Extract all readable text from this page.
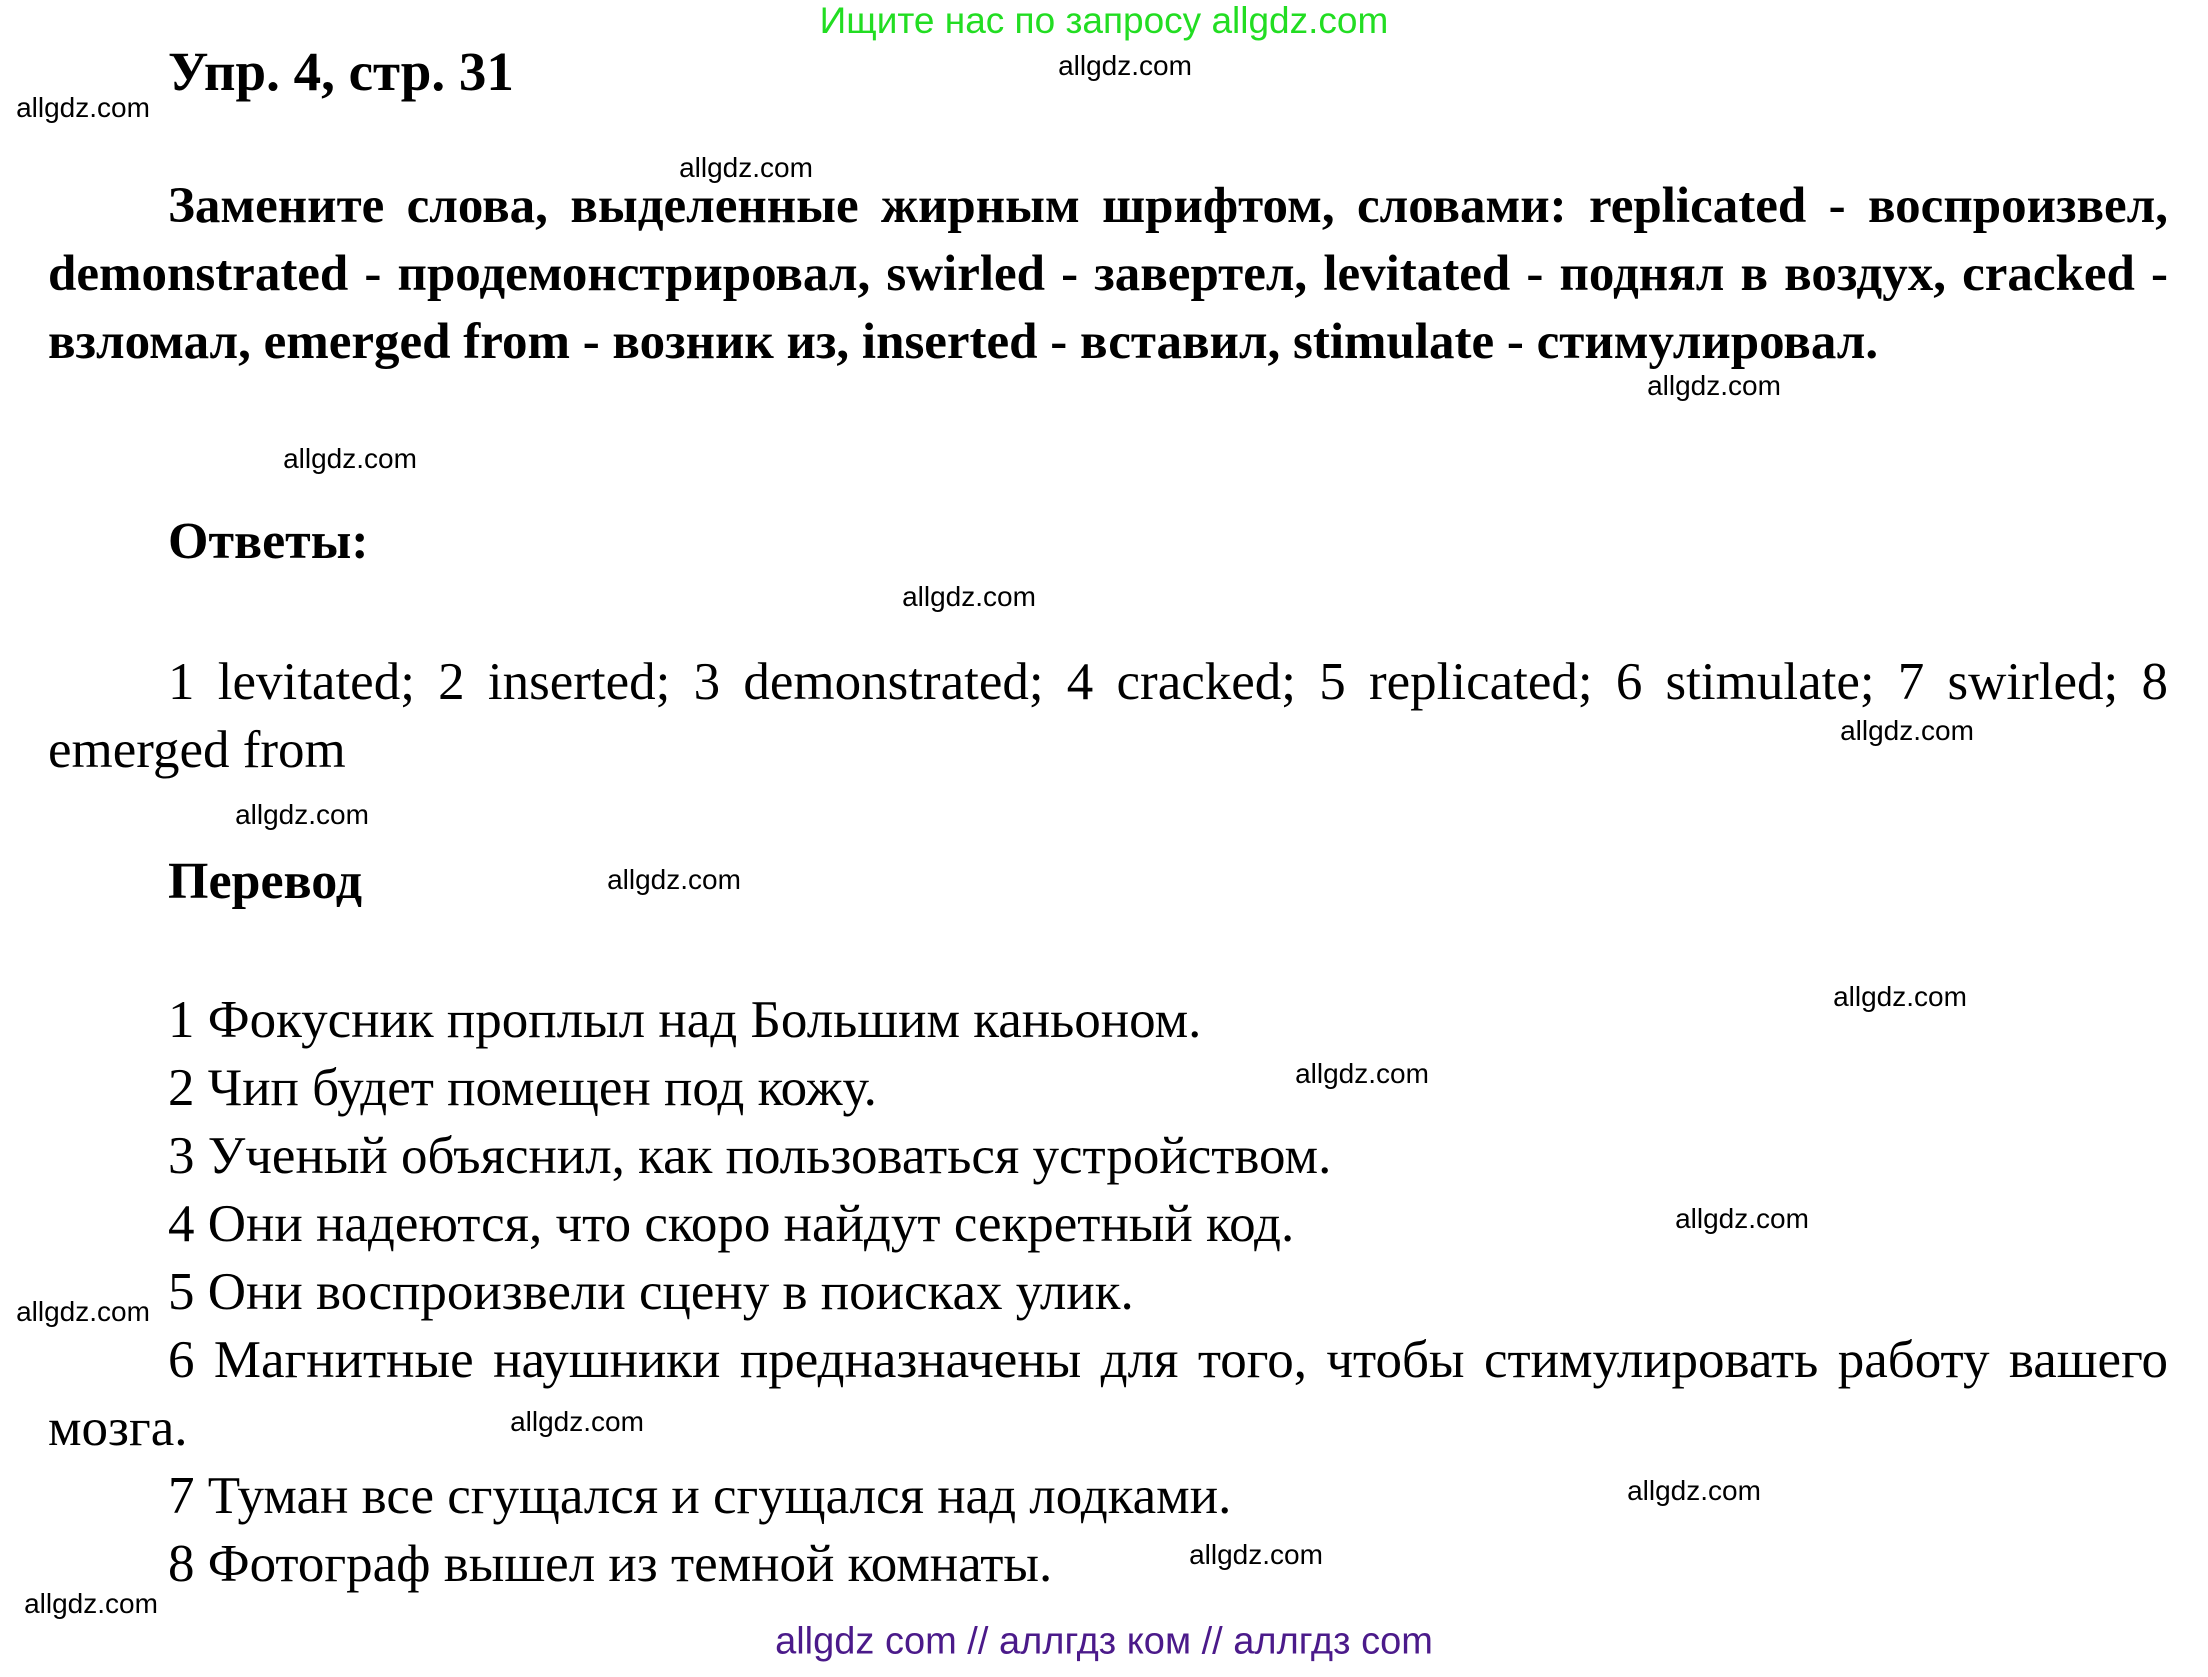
Ищите нас по запросу allgdz.com
Упр. 4, стр. 31
Замените слова, выделенные жирным шрифтом, словами: replicated - воспроизвел, demonstrated - продемонстрировал, swirled - завертел, levitated - поднял в воздух, cracked - взломал, emerged from - возник из, inserted - вставил, stimulate - стимулировал.
Ответы:
1 levitated; 2 inserted; 3 demonstrated; 4 cracked; 5 replicated; 6 stimulate; 7 swirled; 8 emerged from
Перевод
1 Фокусник проплыл над Большим каньоном.
2 Чип будет помещен под кожу.
3 Ученый объяснил, как пользоваться устройством.
4 Они надеются, что скоро найдут секретный код.
5 Они воспроизвели сцену в поисках улик.
6 Магнитные наушники предназначены для того, чтобы стимулировать работу вашего мозга.
7 Туман все сгущался и сгущался над лодками.
8 Фотограф вышел из темной комнаты.
allgdz.com
allgdz.com
allgdz.com
allgdz.com
allgdz.com
allgdz.com
allgdz.com
allgdz.com
allgdz.com
allgdz.com
allgdz.com
allgdz.com
allgdz.com
allgdz.com
allgdz.com
allgdz.com
allgdz.com
allgdz com // аллгдз ком // аллгдз com
